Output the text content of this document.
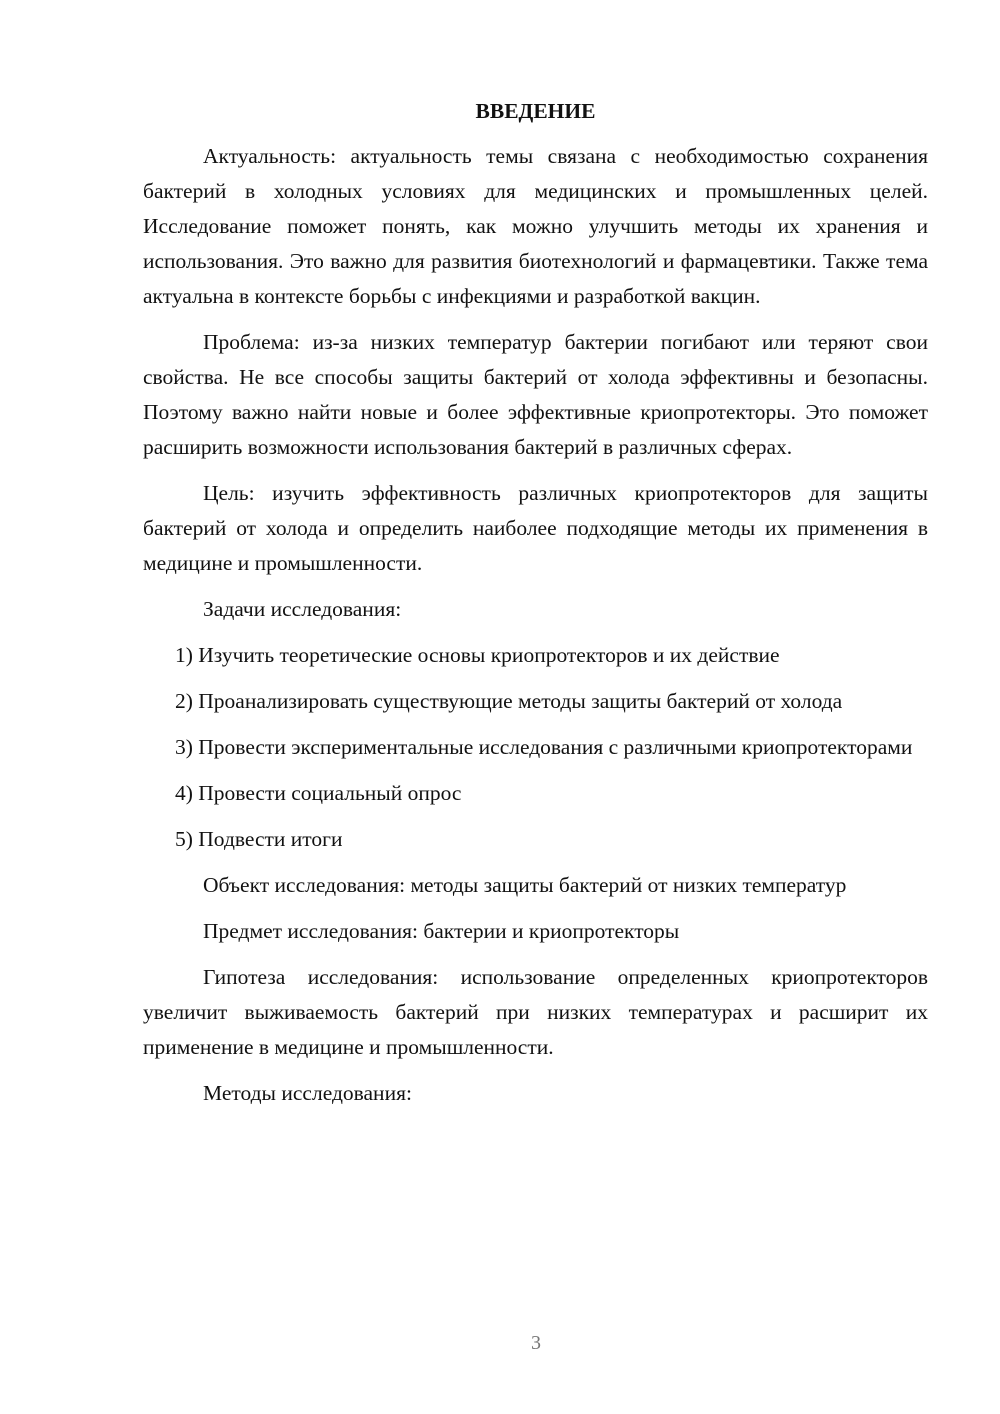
ВВЕДЕНИЕ

Актуальность: актуальность темы связана с необходимостью сохранения бактерий в холодных условиях для медицинских и промышленных целей. Исследование поможет понять, как можно улучшить методы их хранения и использования. Это важно для развития биотехнологий и фармацевтики. Также тема актуальна в контексте борьбы с инфекциями и разработкой вакцин.

Проблема: из-за низких температур бактерии погибают или теряют свои свойства. Не все способы защиты бактерий от холода эффективны и безопасны. Поэтому важно найти новые и более эффективные криопротекторы. Это поможет расширить возможности использования бактерий в различных сферах.

Цель: изучить эффективность различных криопротекторов для защиты бактерий от холода и определить наиболее подходящие методы их применения в медицине и промышленности.

Задачи исследования:

1) Изучить теоретические основы криопротекторов и их действие

2) Проанализировать существующие методы защиты бактерий от холода

3) Провести экспериментальные исследования с различными криопротекторами

4) Провести социальный опрос

5) Подвести итоги

Объект исследования: методы защиты бактерий от низких температур

Предмет исследования: бактерии и криопротекторы

Гипотеза исследования: использование определенных криопротекторов увеличит выживаемость бактерий при низких температурах и расширит их применение в медицине и промышленности.

Методы исследования:

3
